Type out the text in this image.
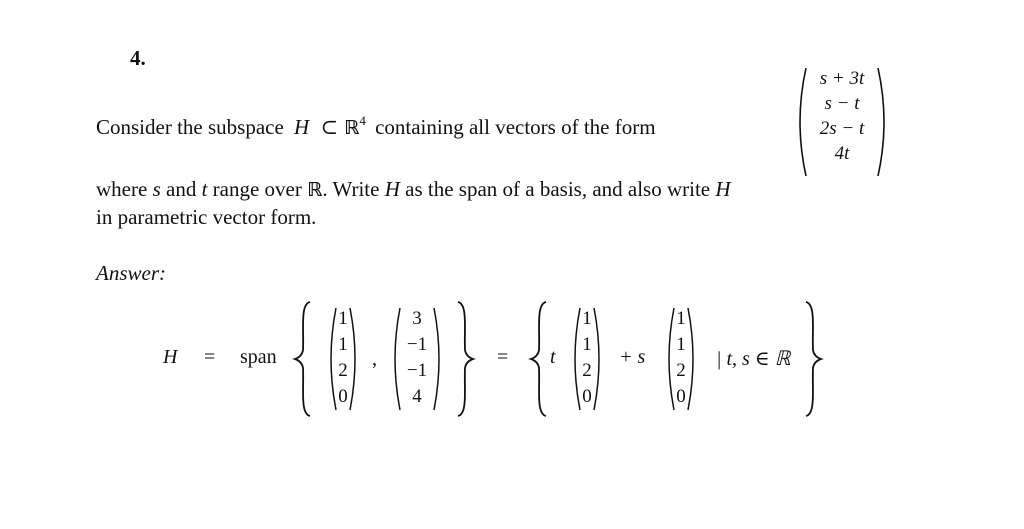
4.
Consider the subspace H ⊂ ℝ$^4$ containing all vectors of the form
s + 3t
s − t
2s − t
4t
where s and t range over ℝ. Write H as the span of a basis, and also write H
in parametric vector form.
Answer:
H = span
1
1
2
0
,
3
−1
−1
4
= t
1
1
2
0
+ s
1
1
2
0
| t, s ∈ ℝ
